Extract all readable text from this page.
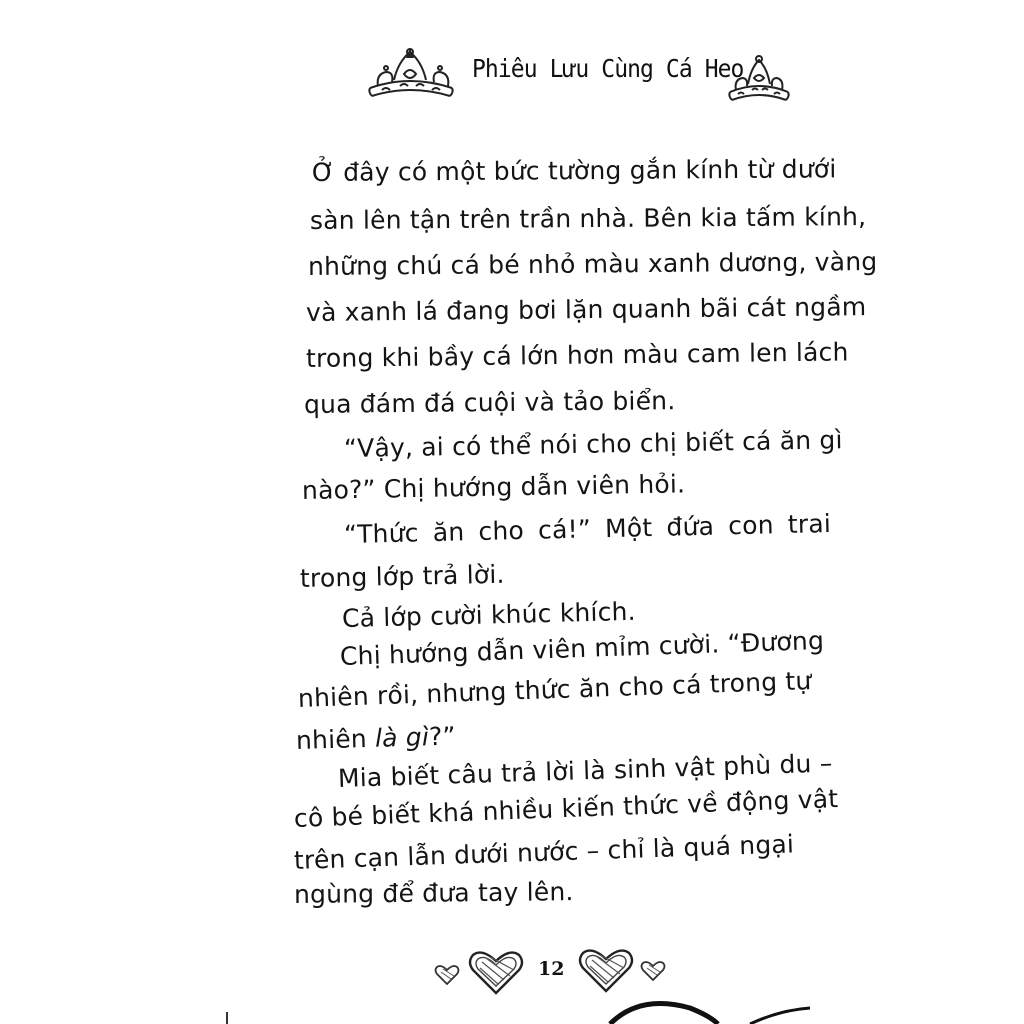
Phiêu Lưu Cùng Cá Heo
Ở đây có một bức tường gắn kính từ dưới
sàn lên tận trên trần nhà. Bên kia tấm kính,
những chú cá bé nhỏ màu xanh dương, vàng
và xanh lá đang bơi lặn quanh bãi cát ngầm
trong khi bầy cá lớn hơn màu cam len lách
qua đám đá cuội và tảo biển.
“Vậy, ai có thể nói cho chị biết cá ăn gì
nào?” Chị hướng dẫn viên hỏi.
“Thức ăn cho cá!” Một đứa con trai
trong lớp trả lời.
Cả lớp cười khúc khích.
Chị hướng dẫn viên mỉm cười. “Đương
nhiên rồi, nhưng thức ăn cho cá trong tự
nhiên là gì?”
Mia biết câu trả lời là sinh vật phù du –
cô bé biết khá nhiều kiến thức về động vật
trên cạn lẫn dưới nước – chỉ là quá ngại
ngùng để đưa tay lên.
12
